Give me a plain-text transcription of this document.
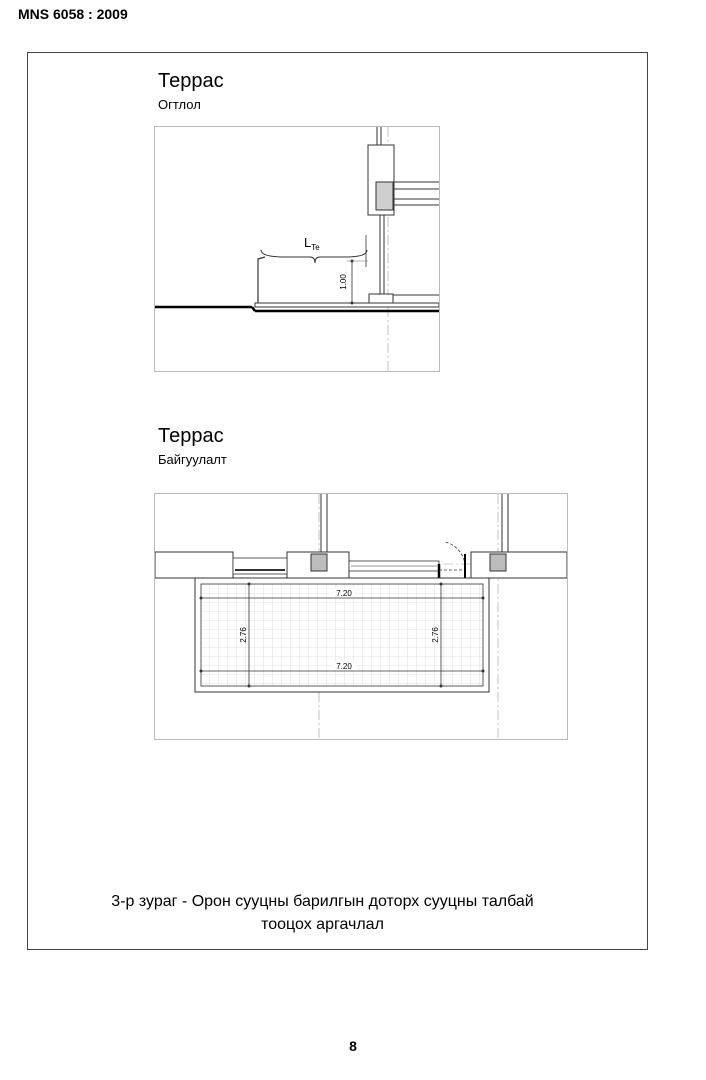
MNS 6058 : 2009
Террас
Огтлол
1.00
$L_{Te}$
Террас
Байгуулалт
7.20
7.20
2.76	2.76
3-р зураг - Орон сууцны барилгын доторх сууцны талбай
тооцох аргачлал
8
